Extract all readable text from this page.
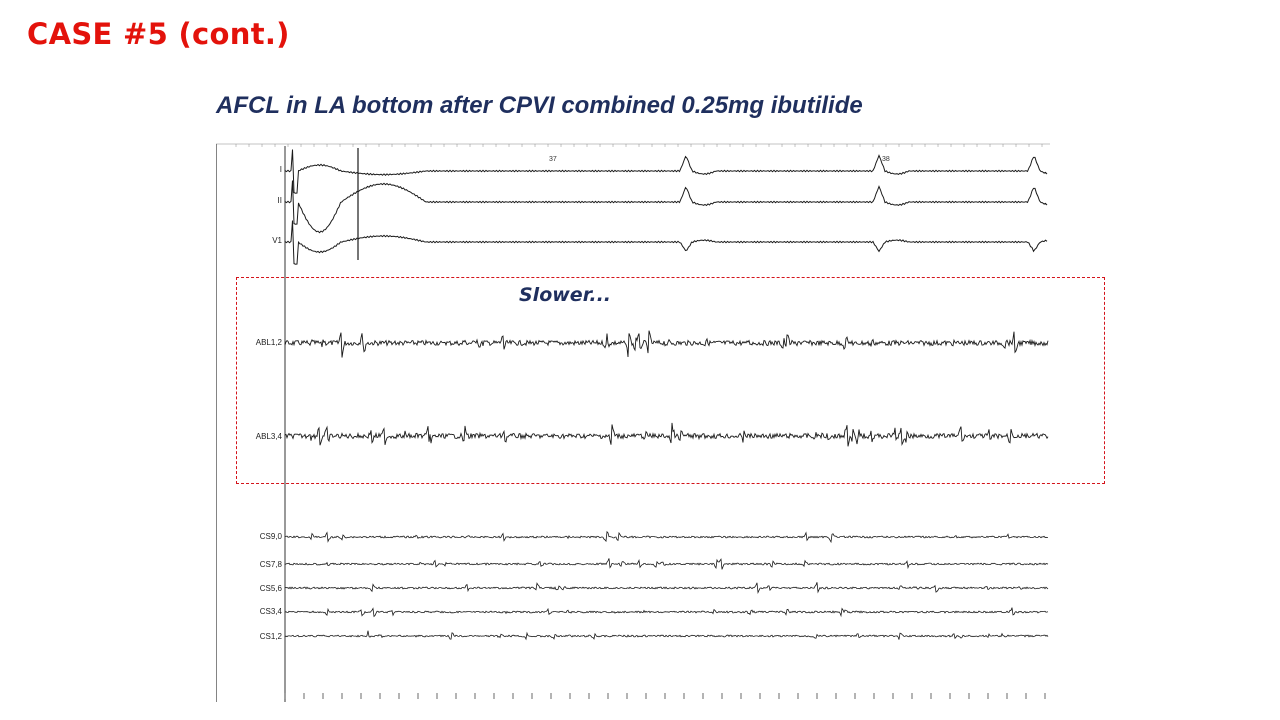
CASE #5 (cont.)
AFCL in LA bottom after CPVI combined 0.25mg ibutilide
37	38
I
II
V1
ABL1,2
ABL3,4
CS9,0
CS7,8
CS5,6
CS3,4
CS1,2
Slower...
